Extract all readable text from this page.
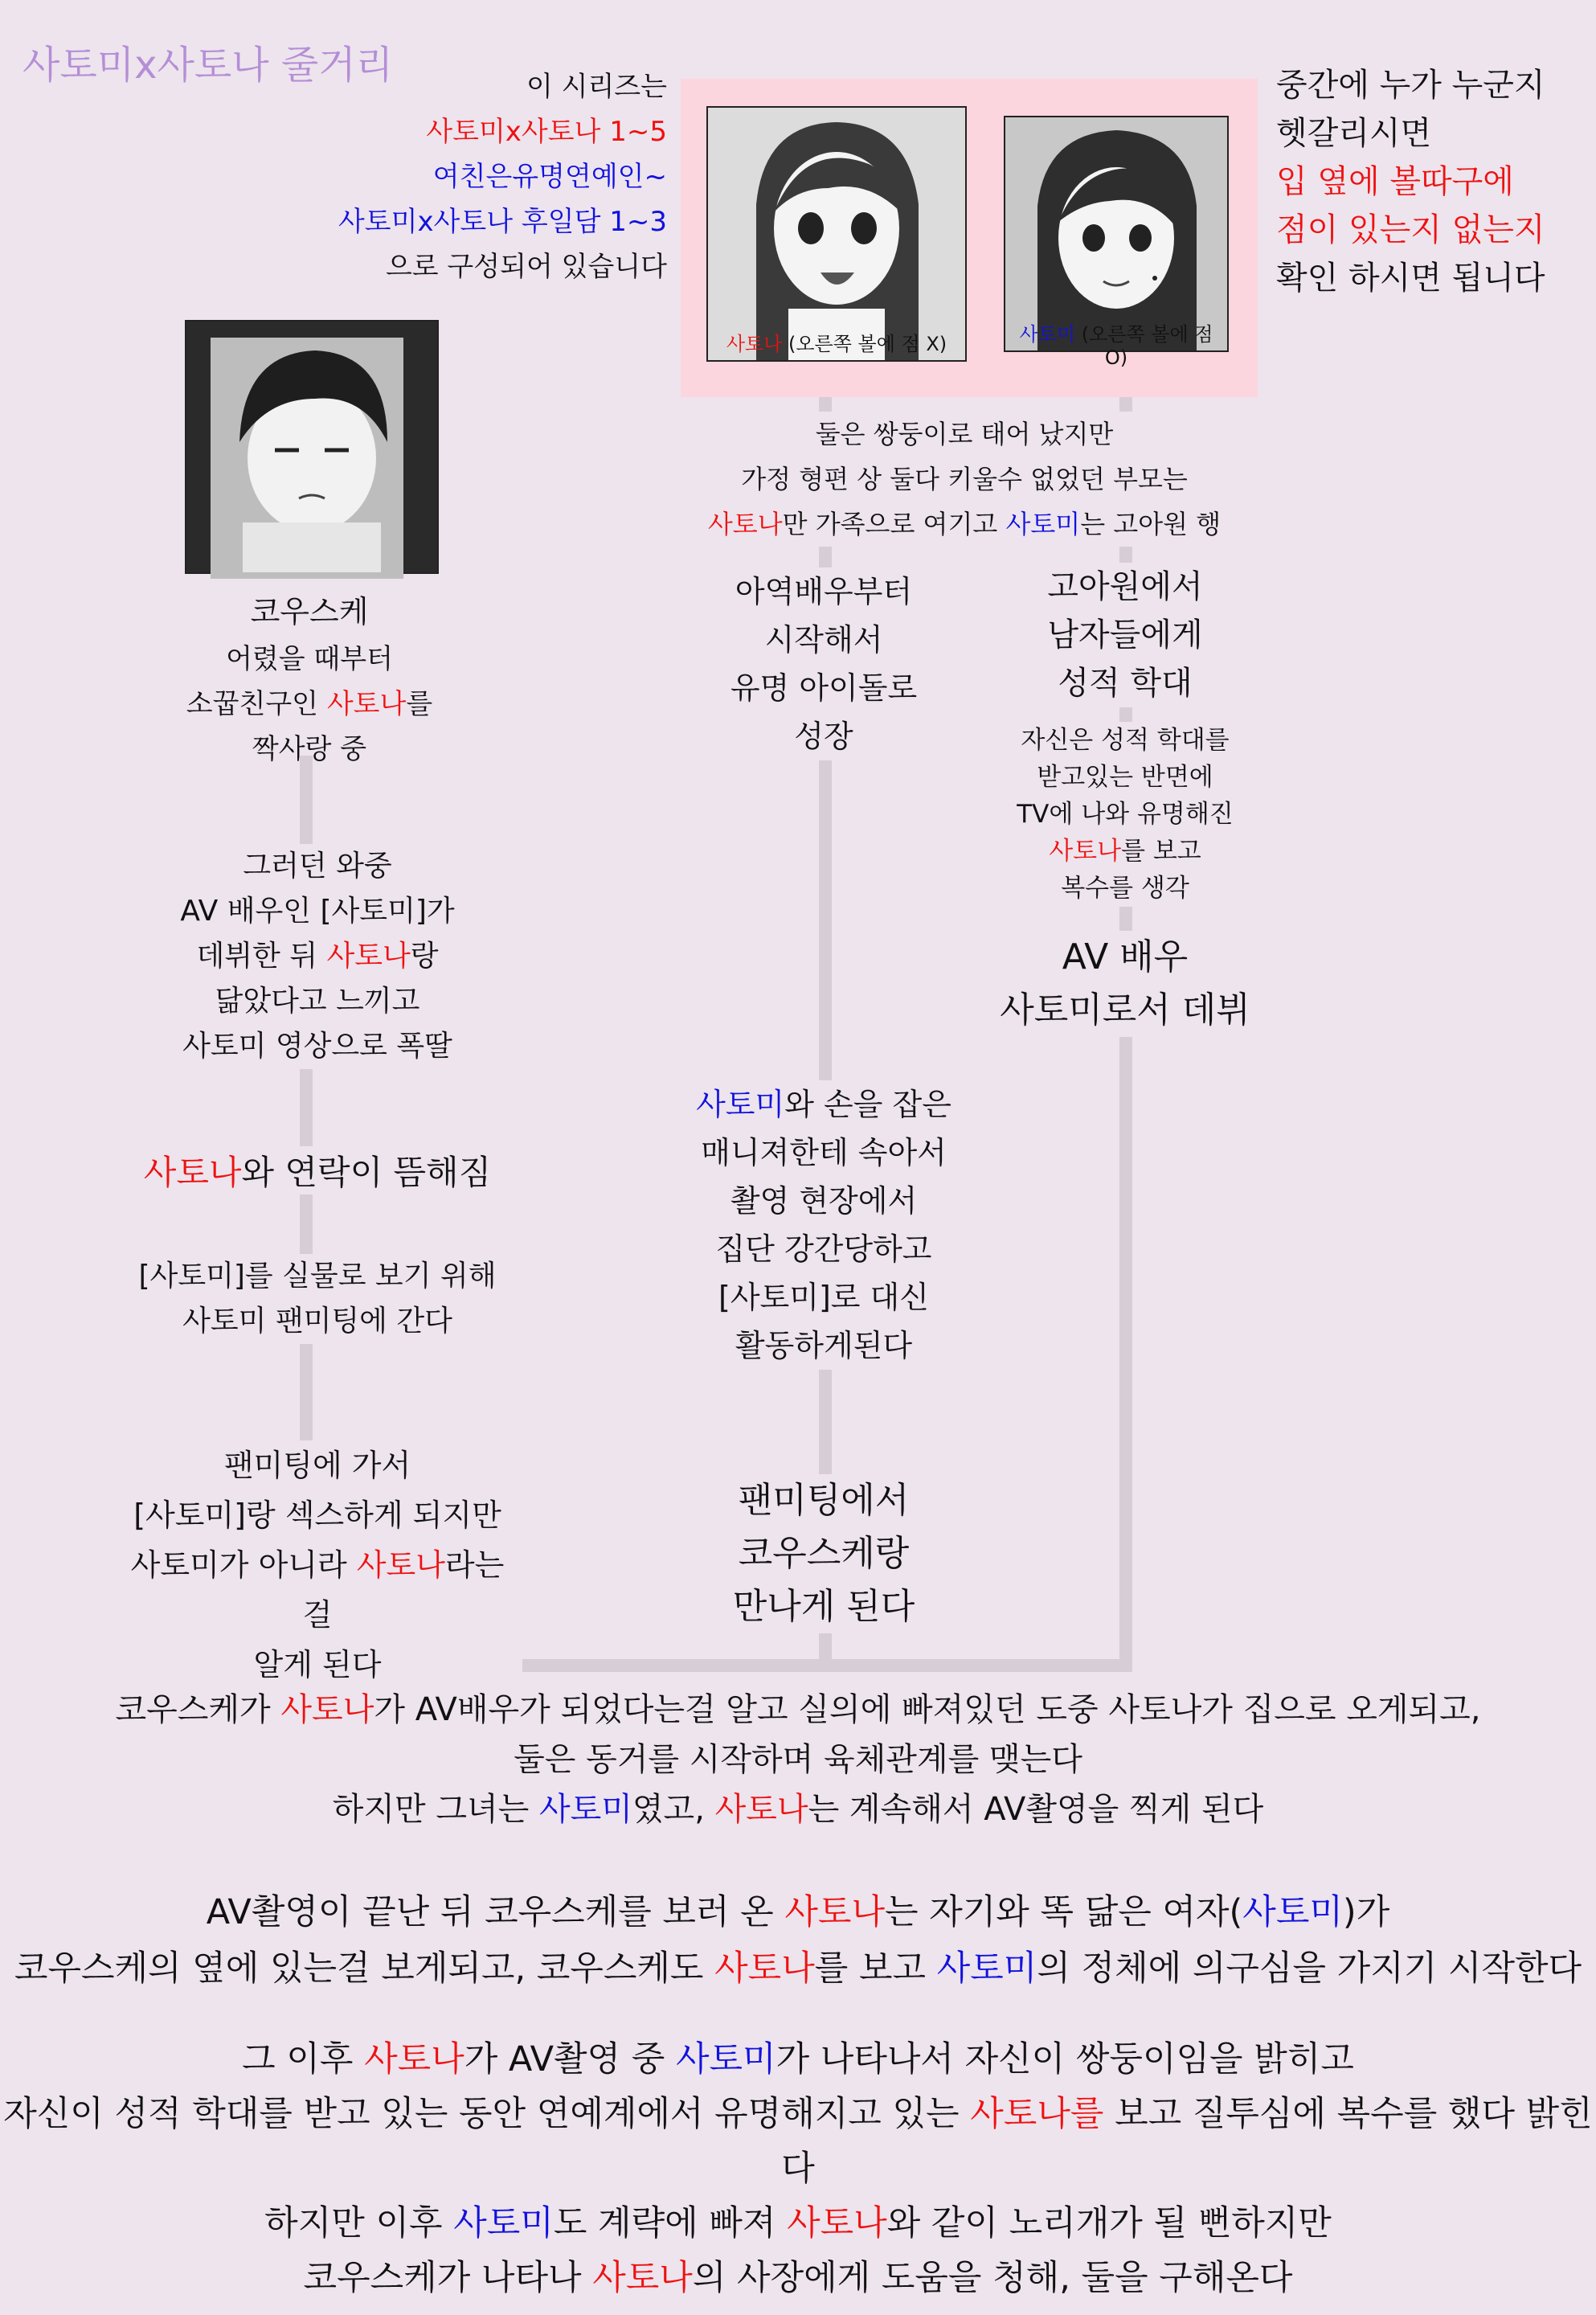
사토미x사토나 줄거리	이 시리즈는
사토미x사토나 1~5
여친은유명연예인~
사토미x사토나 후일담 1~3
으로 구성되어 있습니다
사토나 (오른쪽 볼에 점 X)	사토미 (오른쪽 볼에 점 O)
중간에 누가 누군지
헷갈리시면
입 옆에 볼따구에
점이 있는지 없는지
확인 하시면 됩니다
코우스케
어렸을 때부터
소꿉친구인 사토나를
짝사랑 중
그러던 와중
AV 배우인 [사토미]가
데뷔한 뒤 사토나랑
닮았다고 느끼고
사토미 영상으로 폭딸
사토나와 연락이 뜸해짐
[사토미]를 실물로 보기 위해
사토미 팬미팅에 간다
팬미팅에 가서
[사토미]랑 섹스하게 되지만
사토미가 아니라 사토나라는 걸
알게 된다
둘은 쌍둥이로 태어 났지만
가정 형편 상 둘다 키울수 없었던 부모는
사토나만 가족으로 여기고 사토미는 고아원 행
아역배우부터
시작해서
유명 아이돌로
성장
사토미와 손을 잡은
매니져한테 속아서
촬영 현장에서
집단 강간당하고
[사토미]로 대신
활동하게된다
팬미팅에서
코우스케랑
만나게 된다
고아원에서
남자들에게
성적 학대
자신은 성적 학대를
받고있는 반면에
TV에 나와 유명해진
사토나를 보고
복수를 생각
AV 배우
사토미로서 데뷔
코우스케가 사토나가 AV배우가 되었다는걸 알고 실의에 빠져있던 도중 사토나가 집으로 오게되고,
둘은 동거를 시작하며 육체관계를 맺는다
하지만 그녀는 사토미였고, 사토나는 계속해서 AV촬영을 찍게 된다
AV촬영이 끝난 뒤 코우스케를 보러 온 사토나는 자기와 똑 닮은 여자(사토미)가
코우스케의 옆에 있는걸 보게되고, 코우스케도 사토나를 보고 사토미의 정체에 의구심을 가지기 시작한다
그 이후 사토나가 AV촬영 중 사토미가 나타나서 자신이 쌍둥이임을 밝히고
자신이 성적 학대를 받고 있는 동안 연예계에서 유명해지고 있는 사토나를 보고 질투심에 복수를 했다 밝힌다
하지만 이후 사토미도 계략에 빠져 사토나와 같이 노리개가 될 뻔하지만
코우스케가 나타나 사토나의 사장에게 도움을 청해, 둘을 구해온다
